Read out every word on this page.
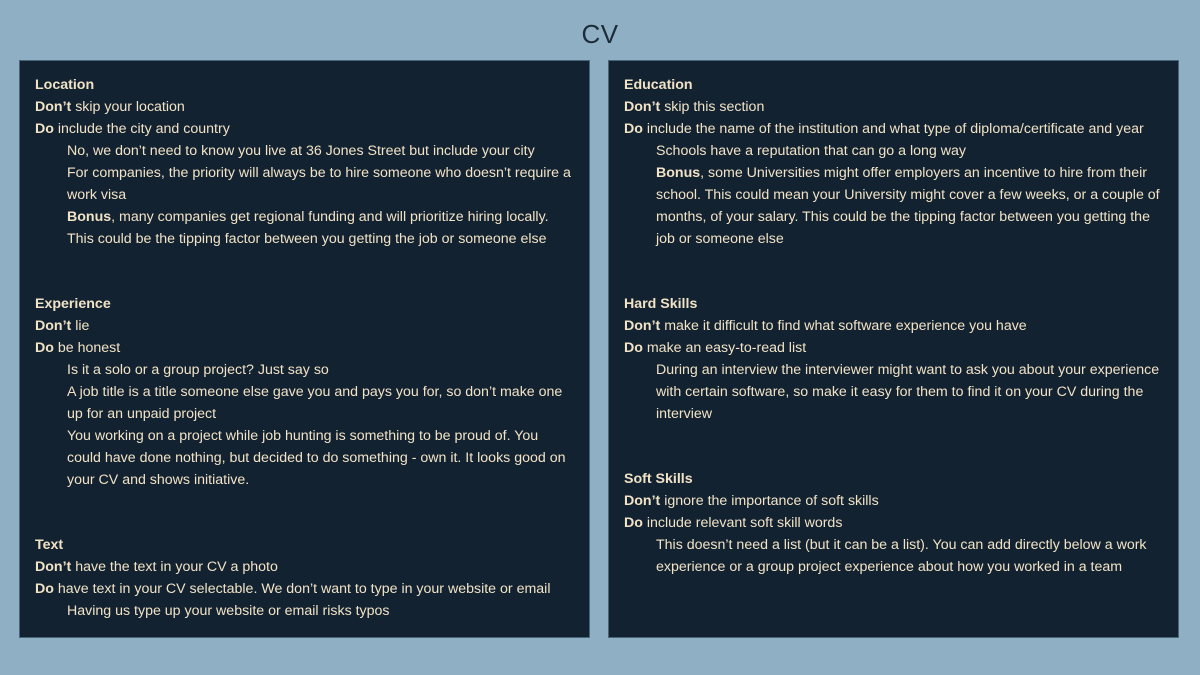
CV
Location
Don’t skip your location
Do include the city and country
No, we don’t need to know you live at 36 Jones Street but include your city
For companies, the priority will always be to hire someone who doesn’t require a work visa
Bonus, many companies get regional funding and will prioritize hiring locally. This could be the tipping factor between you getting the job or someone else
Experience
Don’t lie
Do be honest
Is it a solo or a group project? Just say so
A job title is a title someone else gave you and pays you for, so don’t make one up for an unpaid project
You working on a project while job hunting is something to be proud of. You could have done nothing, but decided to do something - own it. It looks good on your CV and shows initiative.
Text
Don’t have the text in your CV a photo
Do have text in your CV selectable. We don’t want to type in your website or email
Having us type up your website or email risks typos
Education
Don’t skip this section
Do include the name of the institution and what type of diploma/certificate and year
Schools have a reputation that can go a long way
Bonus, some Universities might offer employers an incentive to hire from their school. This could mean your University might cover a few weeks, or a couple of months, of your salary. This could be the tipping factor between you getting the job or someone else
Hard Skills
Don’t make it difficult to find what software experience you have
Do make an easy-to-read list
During an interview the interviewer might want to ask you about your experience with certain software, so make it easy for them to find it on your CV during the interview
Soft Skills
Don’t ignore the importance of soft skills
Do include relevant soft skill words
This doesn’t need a list (but it can be a list). You can add directly below a work experience or a group project experience about how you worked in a team
